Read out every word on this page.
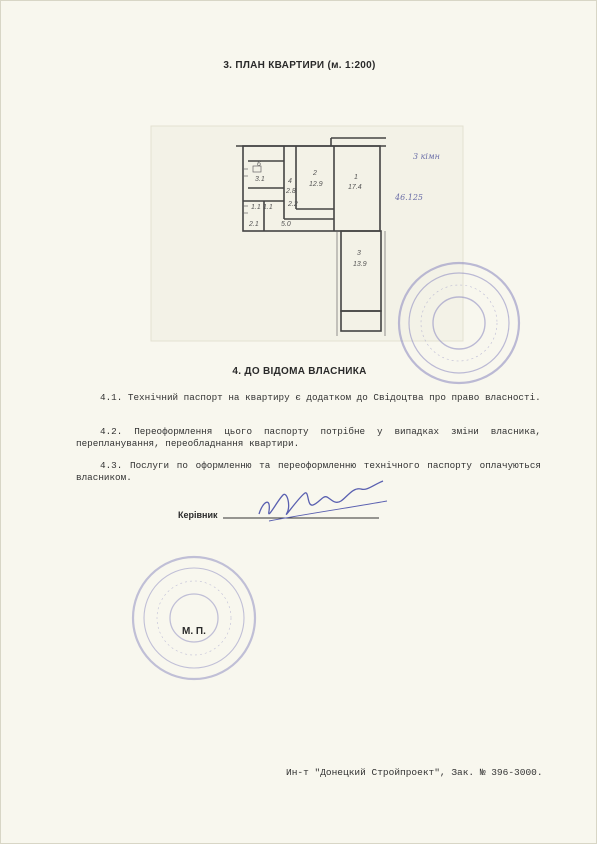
3. ПЛАН КВАРТИРИ (м. 1:200)
6
3.1
2
12.9
1
17.4
4
2.8
2.2
3
13.9
2.1	5.0
1.1 1.1
3 кімн
46.125
4. ДО ВІДОМА ВЛАСНИКА
4.1. Технічний паспорт на квартиру є додатком до Свідоцтва про право власності.
4.2. Переоформлення цього паспорту потрібне у випадках зміни власника, перепланування, переобладнання квартири.
4.3. Послуги по оформленню та переоформленню технічного паспорту оплачуються власником.
Керівник
М. П.
Ин-т "Донецкий Стройпроект", Зак. № 396-3000.
